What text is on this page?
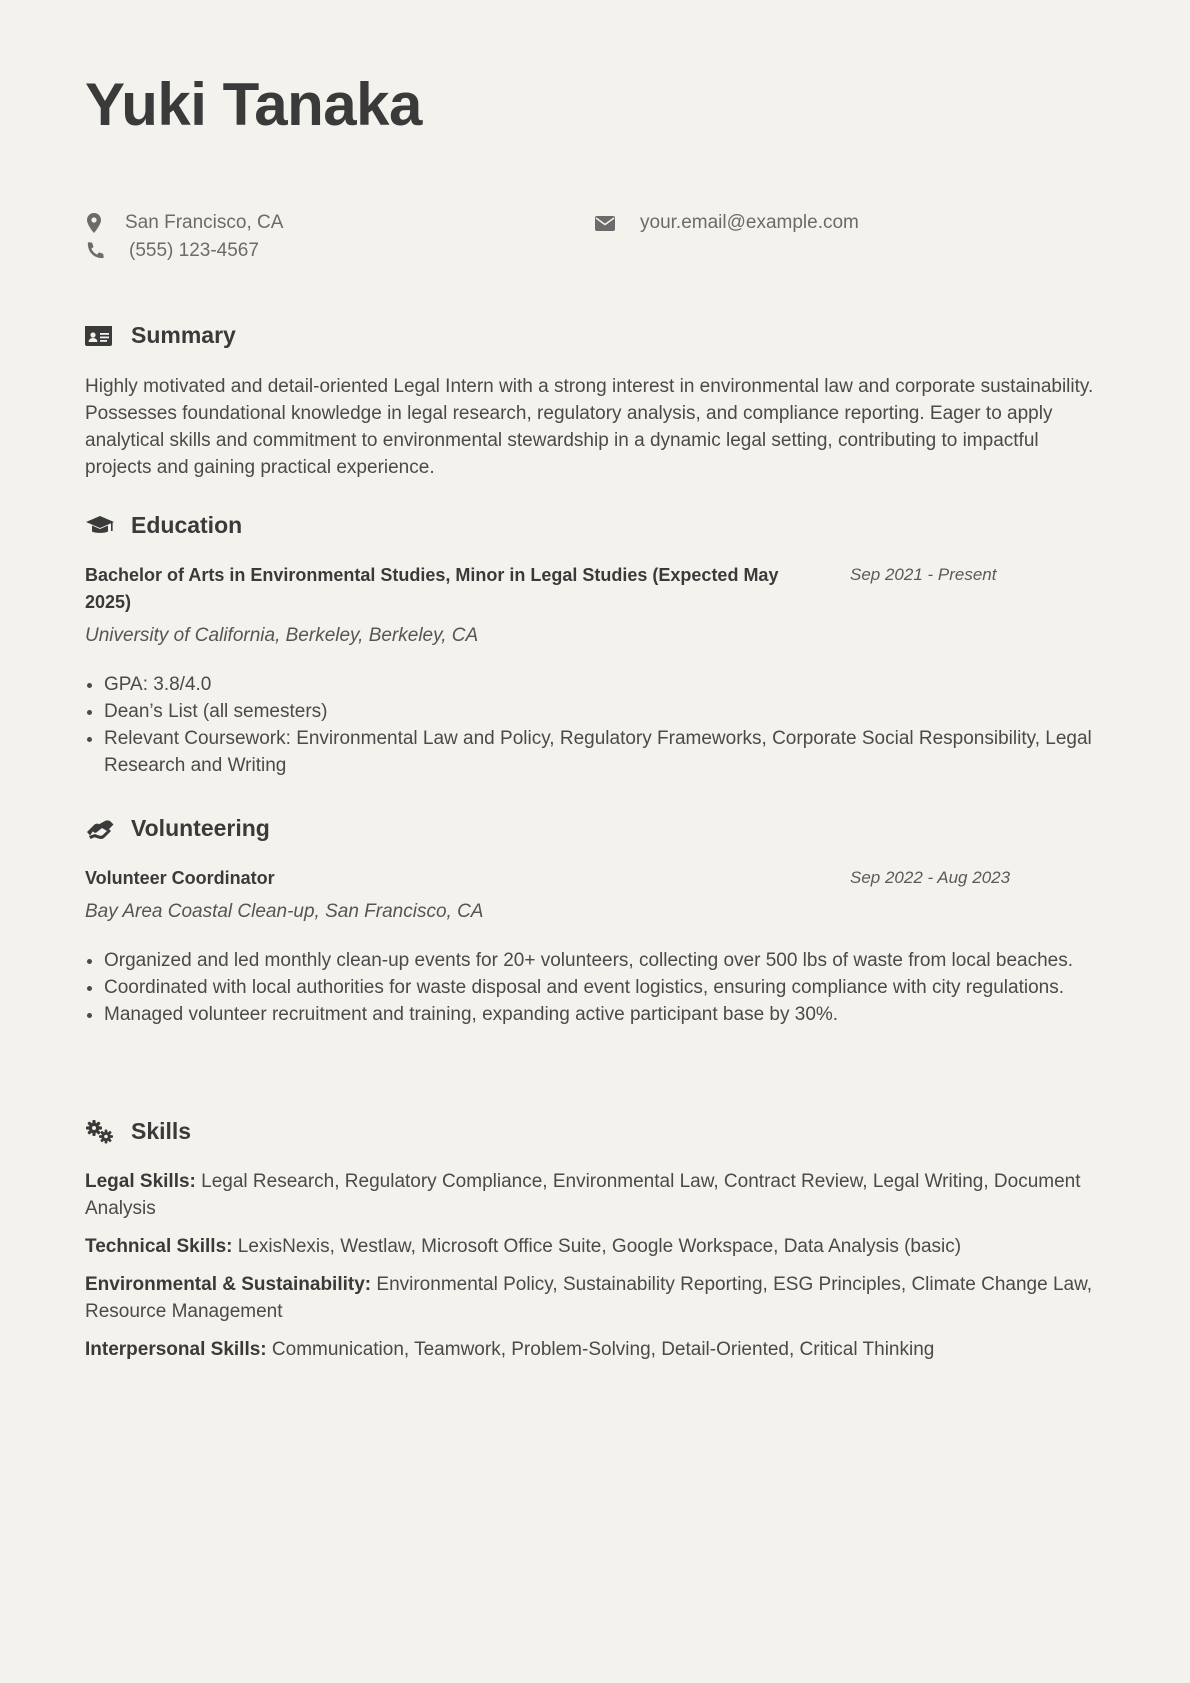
Yuki Tanaka
San Francisco, CA	your.email@example.com
(555) 123-4567
Summary

Highly motivated and detail-oriented Legal Intern with a strong interest in environmental law and corporate sustainability. Possesses foundational knowledge in legal research, regulatory analysis, and compliance reporting. Eager to apply analytical skills and commitment to environmental stewardship in a dynamic legal setting, contributing to impactful projects and gaining practical experience.

Education
Bachelor of Arts in Environmental Studies, Minor in Legal Studies (Expected May 2025)
Sep 2021 - Present
University of California, Berkeley, Berkeley, CA
GPA: 3.8/4.0
Dean’s List (all semesters)
Relevant Coursework: Environmental Law and Policy, Regulatory Frameworks, Corporate Social Responsibility, Legal Research and Writing
Volunteering
Volunteer Coordinator	Sep 2022 - Aug 2023
Bay Area Coastal Clean-up, San Francisco, CA
Organized and led monthly clean-up events for 20+ volunteers, collecting over 500 lbs of waste from local beaches.
Coordinated with local authorities for waste disposal and event logistics, ensuring compliance with city regulations.
Managed volunteer recruitment and training, expanding active participant base by 30%.
Skills

Legal Skills: Legal Research, Regulatory Compliance, Environmental Law, Contract Review, Legal Writing, Document Analysis

Technical Skills: LexisNexis, Westlaw, Microsoft Office Suite, Google Workspace, Data Analysis (basic)

Environmental & Sustainability: Environmental Policy, Sustainability Reporting, ESG Principles, Climate Change Law, Resource Management

Interpersonal Skills: Communication, Teamwork, Problem-Solving, Detail-Oriented, Critical Thinking
